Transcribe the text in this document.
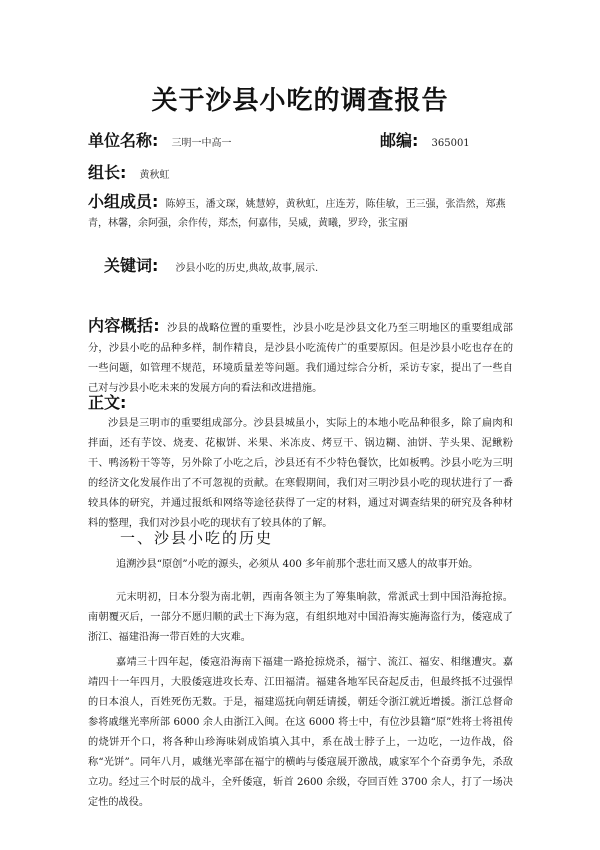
关于沙县小吃的调查报告
单位名称: 三明一中高一	邮编: 365001
组长: 黄秋虹
小组成员: 陈婷玉，潘文琛，姚慧婷，黄秋虹，庄连芳，陈佳敏，王三强，张浩然，郑燕青，林馨，余阿强，余作传，郑杰，何嘉伟，吴威，黄曦，罗玲，张宝丽
关键词: 沙县小吃的历史,典故,故事,展示.
内容概括: 沙县的战略位置的重要性，沙县小吃是沙县文化乃至三明地区的重要组成部分，沙县小吃的品种多样，制作精良，是沙县小吃流传广的重要原因。但是沙县小吃也存在的一些问题，如管理不规范，环境质量差等问题。我们通过综合分析，采访专家，提出了一些自己对与沙县小吃未来的发展方向的看法和改进措施。
正文:
沙县是三明市的重要组成部分。沙县县城虽小，实际上的本地小吃品种很多，除了扁肉和拌面，还有芋饺、烧麦、花椒饼、米果、米冻皮、烤豆干、锅边糊、油饼、芋头果、泥鳅粉干、鸭汤粉干等等，另外除了小吃之后，沙县还有不少特色餐饮，比如板鸭。沙县小吃为三明的经济文化发展作出了不可忽视的贡献。在寒假期间，我们对三明沙县小吃的现状进行了一番较具体的研究，并通过报纸和网络等途径获得了一定的材料，通过对调查结果的研究及各种材料的整理，我们对沙县小吃的现状有了较具体的了解。
一、沙县小吃的历史
追溯沙县“原创”小吃的源头，必须从 400 多年前那个悲壮而又感人的故事开始。
元末明初，日本分裂为南北朝，西南各领主为了筹集晌款，常派武士到中国沿海抢掠。南朝覆灭后，一部分不愿归顺的武士下海为寇，有组织地对中国沿海实施海盗行为，倭寇成了浙江、福建沿海一带百姓的大灾难。
嘉靖三十四年起，倭寇沿海南下福建一路抢掠烧杀，福宁、流江、福安、相继遭灾。嘉靖四十一年四月，大股倭寇进攻长寿、江田福清。福建各地军民奋起反击，但最终抵不过强悍的日本浪人，百姓死伤无数。于是，福建巡抚向朝廷请援，朝廷令浙江就近增援。浙江总督命参将戚继光率所部 6000 余人由浙江入闽。在这 6000 将士中，有位沙县籍“原”姓将士将祖传的烧饼开个口，将各种山珍海味剁成馅填入其中，系在战士脖子上，一边吃，一边作战，俗称“光饼”。同年八月，戚继光率部在福宁的横屿与倭寇展开激战，戚家军个个奋勇争先，杀敌立功。经过三个时辰的战斗，全歼倭寇，斩首 2600 余级，夺回百姓 3700 余人，打了一场决定性的战役。
